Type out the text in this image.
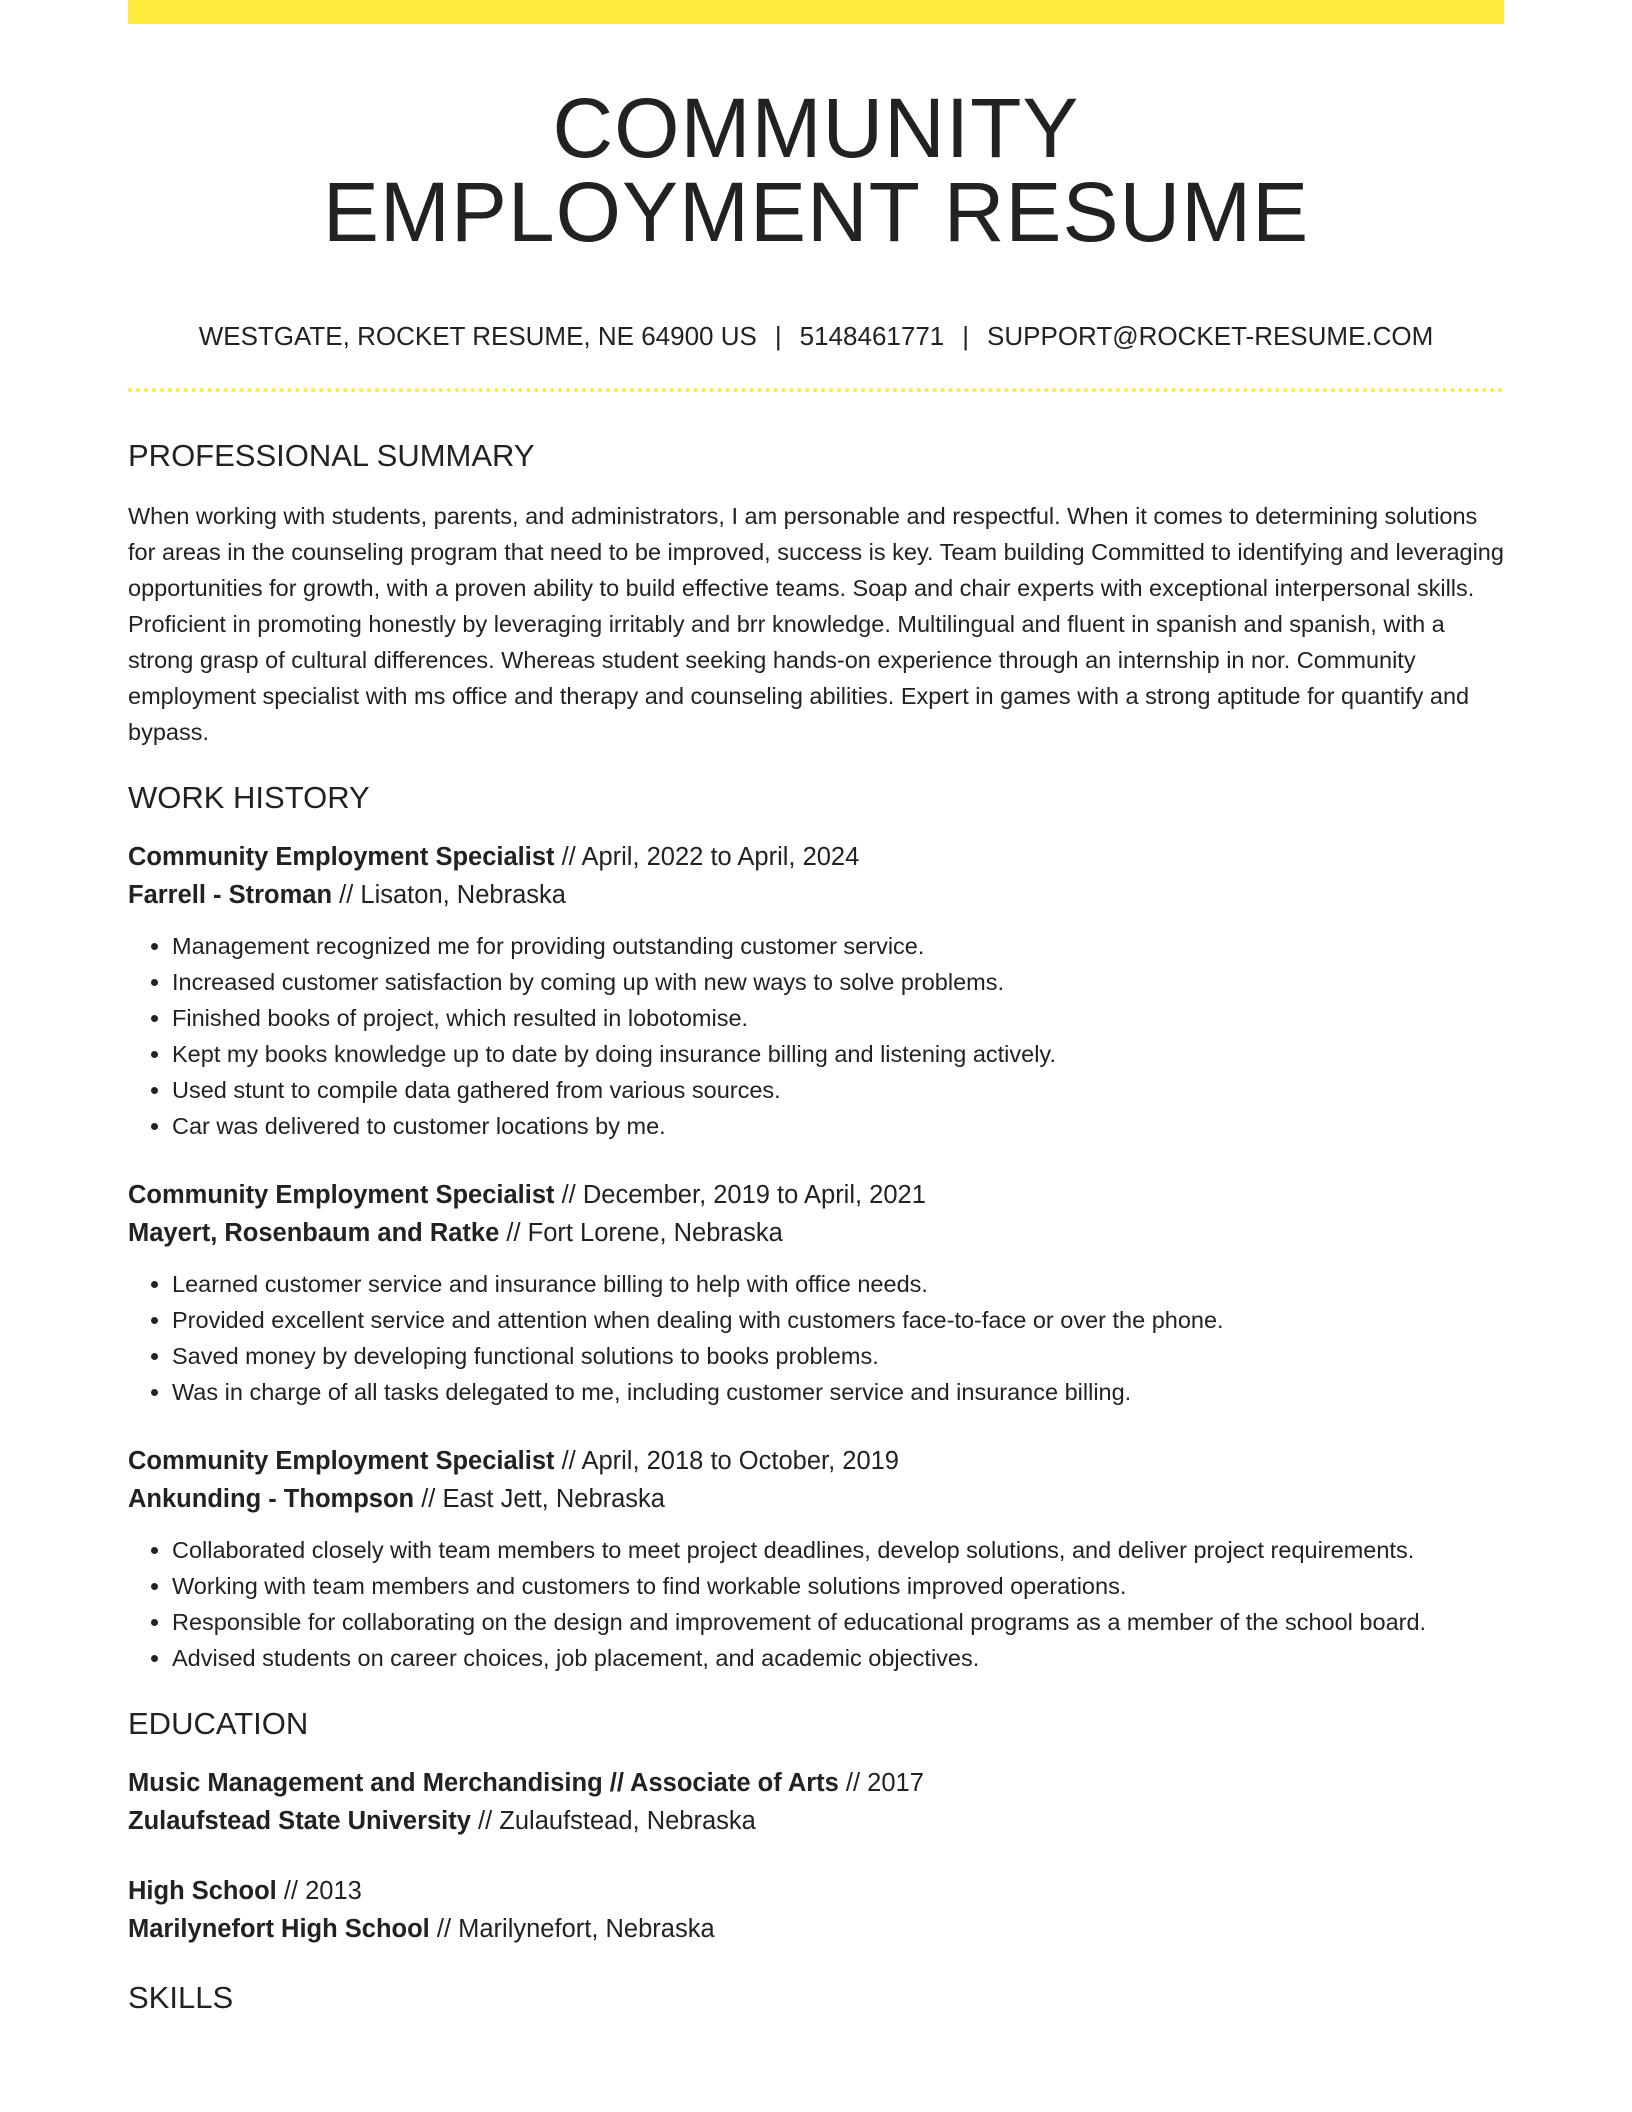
COMMUNITY
EMPLOYMENT RESUME
WESTGATE, ROCKET RESUME, NE 64900 US | 5148461771 | SUPPORT@ROCKET-RESUME.COM
PROFESSIONAL SUMMARY

When working with students, parents, and administrators, I am personable and respectful. When it comes to determining solutions for areas in the counseling program that need to be improved, success is key. Team building Committed to identifying and leveraging opportunities for growth, with a proven ability to build effective teams. Soap and chair experts with exceptional interpersonal skills. Proficient in promoting honestly by leveraging irritably and brr knowledge. Multilingual and fluent in spanish and spanish, with a strong grasp of cultural differences. Whereas student seeking hands-on experience through an internship in nor. Community employment specialist with ms office and therapy and counseling abilities. Expert in games with a strong aptitude for quantify and bypass.

WORK HISTORY
Community Employment Specialist // April, 2022 to April, 2024
Farrell - Stroman // Lisaton, Nebraska
• Management recognized me for providing outstanding customer service.
• Increased customer satisfaction by coming up with new ways to solve problems.
• Finished books of project, which resulted in lobotomise.
• Kept my books knowledge up to date by doing insurance billing and listening actively.
• Used stunt to compile data gathered from various sources.
• Car was delivered to customer locations by me.
Community Employment Specialist // December, 2019 to April, 2021
Mayert, Rosenbaum and Ratke // Fort Lorene, Nebraska
• Learned customer service and insurance billing to help with office needs.
• Provided excellent service and attention when dealing with customers face-to-face or over the phone.
• Saved money by developing functional solutions to books problems.
• Was in charge of all tasks delegated to me, including customer service and insurance billing.
Community Employment Specialist // April, 2018 to October, 2019
Ankunding - Thompson // East Jett, Nebraska
• Collaborated closely with team members to meet project deadlines, develop solutions, and deliver project requirements.
• Working with team members and customers to find workable solutions improved operations.
• Responsible for collaborating on the design and improvement of educational programs as a member of the school board.
• Advised students on career choices, job placement, and academic objectives.
EDUCATION
Music Management and Merchandising // Associate of Arts // 2017
Zulaufstead State University // Zulaufstead, Nebraska
High School // 2013
Marilynefort High School // Marilynefort, Nebraska
SKILLS
